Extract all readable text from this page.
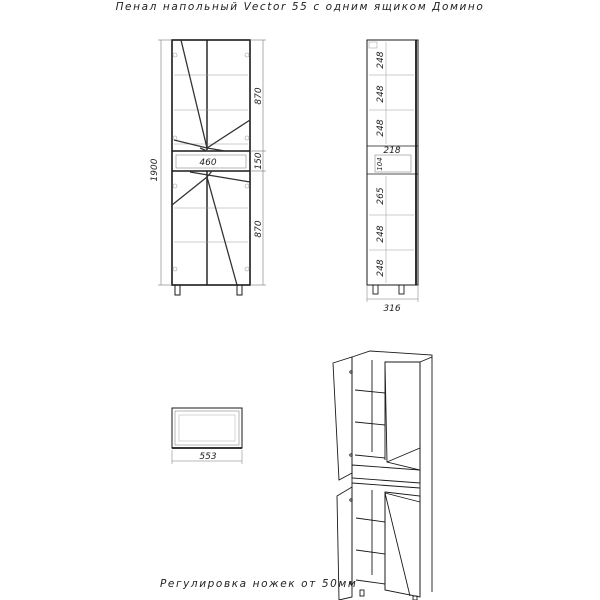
Пенал напольный Vector 55 с одним ящиком Домино
1900
870
150
870
460
248
248
248
218
104
265
248
248
316
553
Регулировка ножек от 50мм
